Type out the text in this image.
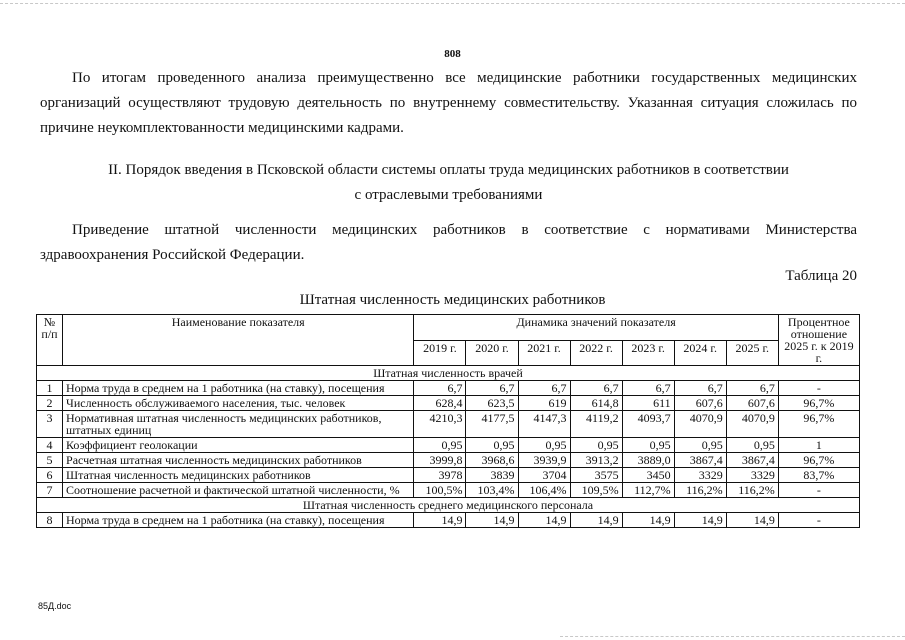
808

По итогам проведенного анализа преимущественно все медицинские работники государственных медицинских организаций осуществляют трудовую деятельность по внутреннему совместительству. Указанная ситуация сложилась по причине неукомплектованности медицинскими кадрами.

II. Порядок введения в Псковской области системы оплаты труда медицинских работников в соответствии
с отраслевыми требованиями

Приведение штатной численности медицинских работников в соответствие с нормативами Министерства здравоохранения Российской Федерации.

Таблица 20
Штатная численность медицинских работников
№ п/п	Наименование показателя	Динамика значений показателя							Процентное отношение 2025 г. к 2019 г.
		2019 г.	2020 г.	2021 г.	2022 г.	2023 г.	2024 г.	2025 г.	
Штатная численность врачей									
1	Норма труда в среднем на 1 работника (на ставку), посещения	6,7	6,7	6,7	6,7	6,7	6,7	6,7	-
2	Численность обслуживаемого населения, тыс. человек	628,4	623,5	619	614,8	611	607,6	607,6	96,7%
3	Нормативная штатная численность медицинских работников, штатных единиц	4210,3	4177,5	4147,3	4119,2	4093,7	4070,9	4070,9	96,7%
4	Коэффициент геолокации	0,95	0,95	0,95	0,95	0,95	0,95	0,95	1
5	Расчетная штатная численность медицинских работников	3999,8	3968,6	3939,9	3913,2	3889,0	3867,4	3867,4	96,7%
6	Штатная численность медицинских работников	3978	3839	3704	3575	3450	3329	3329	83,7%
7	Соотношение расчетной и фактической штатной численности, %	100,5%	103,4%	106,4%	109,5%	112,7%	116,2%	116,2%	-
Штатная численность среднего медицинского персонала									
8	Норма труда в среднем на 1 работника (на ставку), посещения	14,9	14,9	14,9	14,9	14,9	14,9	14,9	-
85Д.doc
